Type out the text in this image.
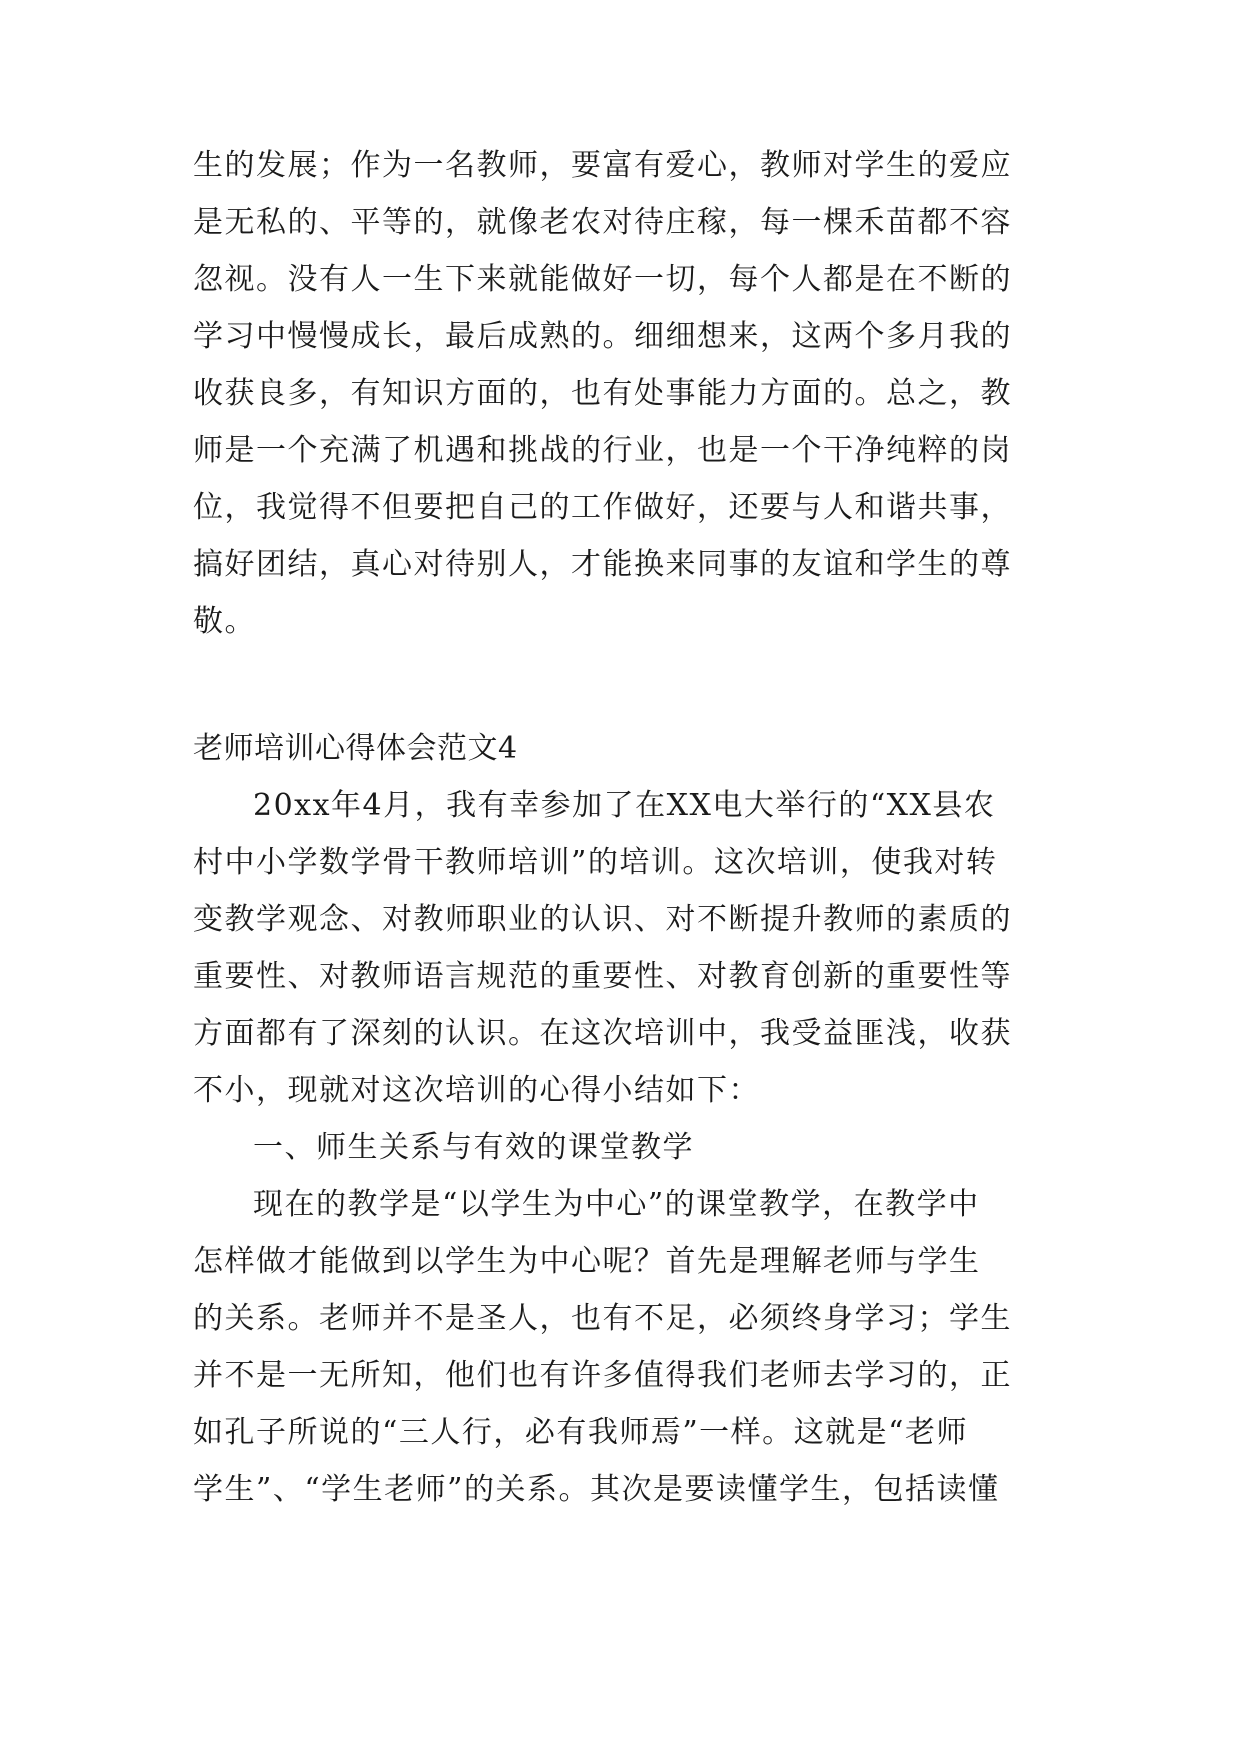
生的发展；作为一名教师，要富有爱心，教师对学生的爱应
是无私的、平等的，就像老农对待庄稼，每一棵禾苗都不容
忽视。没有人一生下来就能做好一切，每个人都是在不断的
学习中慢慢成长，最后成熟的。细细想来，这两个多月我的
收获良多，有知识方面的，也有处事能力方面的。总之，教
师是一个充满了机遇和挑战的行业，也是一个干净纯粹的岗
位，我觉得不但要把自己的工作做好，还要与人和谐共事，
搞好团结，真心对待别人，才能换来同事的友谊和学生的尊
敬。
老师培训心得体会范文4
20xx年4月，我有幸参加了在XX电大举行的“XX县农
村中小学数学骨干教师培训”的培训。这次培训，使我对转
变教学观念、对教师职业的认识、对不断提升教师的素质的
重要性、对教师语言规范的重要性、对教育创新的重要性等
方面都有了深刻的认识。在这次培训中，我受益匪浅，收获
不小，现就对这次培训的心得小结如下：
一、师生关系与有效的课堂教学
现在的教学是“以学生为中心”的课堂教学，在教学中
怎样做才能做到以学生为中心呢？首先是理解老师与学生
的关系。老师并不是圣人，也有不足，必须终身学习；学生
并不是一无所知，他们也有许多值得我们老师去学习的，正
如孔子所说的“三人行，必有我师焉”一样。这就是“老师
学生”、“学生老师”的关系。其次是要读懂学生，包括读懂
